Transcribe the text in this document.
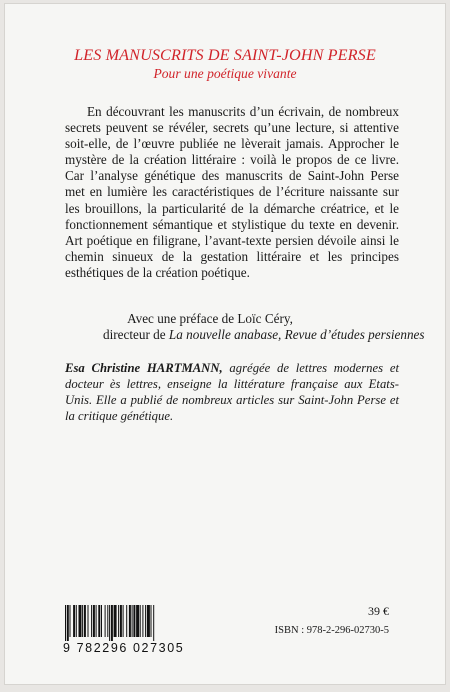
LES MANUSCRITS DE SAINT-JOHN PERSE

Pour une poétique vivante

En découvrant les manuscrits d’un écrivain, de nombreux secrets peuvent se révéler, secrets qu’une lecture, si attentive soit-elle, de l’œuvre publiée ne lèverait jamais. Approcher le mystère de la création littéraire : voilà le propos de ce livre. Car l’analyse génétique des manuscrits de Saint-John Perse met en lumière les caractéristiques de l’écriture naissante sur les brouillons, la particularité de la démarche créatrice, et le fonctionnement sémantique et stylistique du texte en devenir. Art poétique en filigrane, l’avant-texte persien dévoile ainsi le chemin sinueux de la gestation littéraire et les principes esthétiques de la création poétique.

Avec une préface de Loïc Céry,
directeur de La nouvelle anabase, Revue d’études persiennes

Esa Christine HARTMANN, agrégée de lettres modernes et docteur ès lettres, enseigne la littérature française aux Etats-Unis. Elle a publié de nombreux articles sur Saint-John Perse et la critique génétique.

9 782296 027305
39 €
ISBN : 978-2-296-02730-5
